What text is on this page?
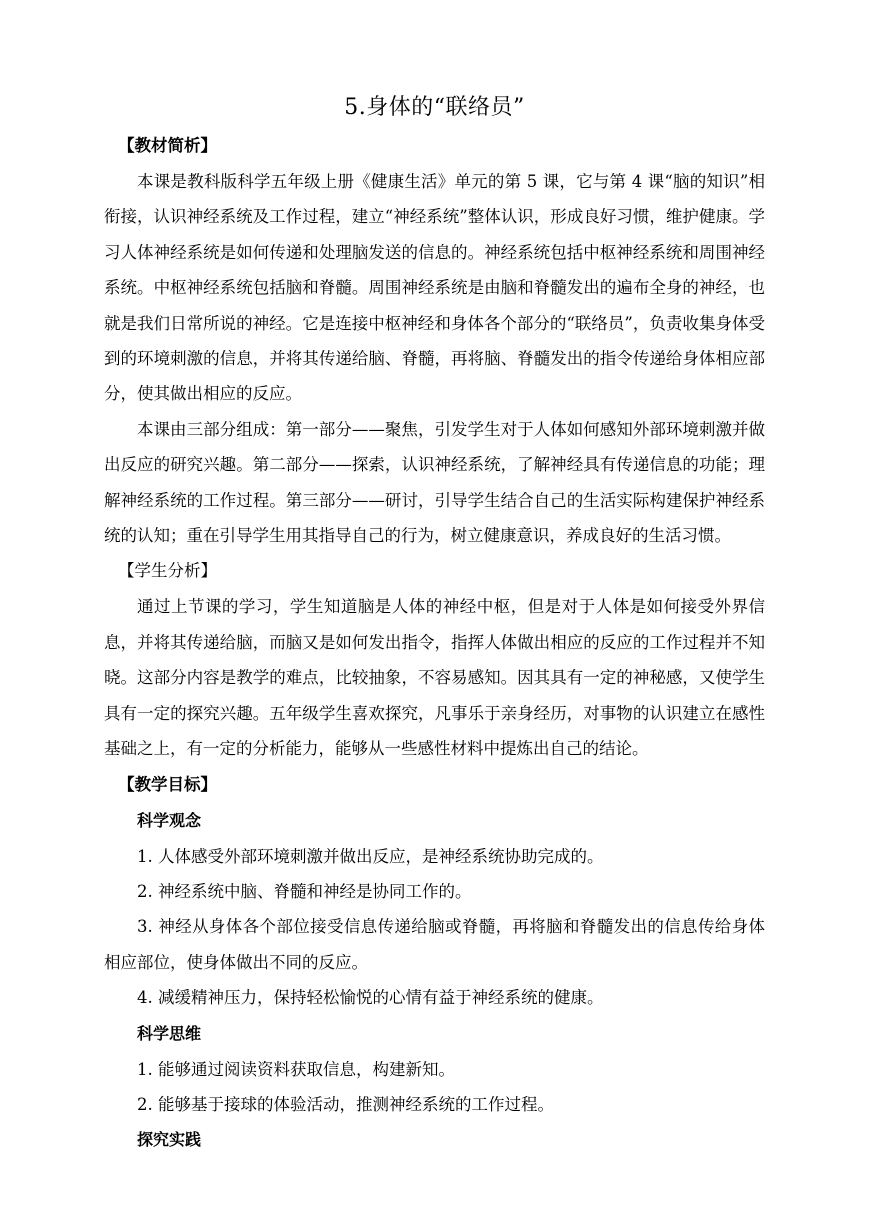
5.身体的“联络员”
【教材简析】

本课是教科版科学五年级上册《健康生活》单元的第 5 课，它与第 4 课“脑的知识”相衔接，认识神经系统及工作过程，建立“神经系统”整体认识，形成良好习惯，维护健康。学习人体神经系统是如何传递和处理脑发送的信息的。神经系统包括中枢神经系统和周围神经系统。中枢神经系统包括脑和脊髓。周围神经系统是由脑和脊髓发出的遍布全身的神经，也就是我们日常所说的神经。它是连接中枢神经和身体各个部分的“联络员”，负责收集身体受到的环境刺激的信息，并将其传递给脑、脊髓，再将脑、脊髓发出的指令传递给身体相应部分，使其做出相应的反应。

本课由三部分组成：第一部分——聚焦，引发学生对于人体如何感知外部环境刺激并做出反应的研究兴趣。第二部分——探索，认识神经系统，了解神经具有传递信息的功能；理解神经系统的工作过程。第三部分——研讨，引导学生结合自己的生活实际构建保护神经系统的认知；重在引导学生用其指导自己的行为，树立健康意识，养成良好的生活习惯。

【学生分析】

通过上节课的学习，学生知道脑是人体的神经中枢，但是对于人体是如何接受外界信息，并将其传递给脑，而脑又是如何发出指令，指挥人体做出相应的反应的工作过程并不知晓。这部分内容是教学的难点，比较抽象，不容易感知。因其具有一定的神秘感，又使学生具有一定的探究兴趣。五年级学生喜欢探究，凡事乐于亲身经历，对事物的认识建立在感性基础之上，有一定的分析能力，能够从一些感性材料中提炼出自己的结论。

【教学目标】
科学观念

1. 人体感受外部环境刺激并做出反应，是神经系统协助完成的。

2. 神经系统中脑、脊髓和神经是协同工作的。

3. 神经从身体各个部位接受信息传递给脑或脊髓，再将脑和脊髓发出的信息传给身体相应部位，使身体做出不同的反应。

4. 减缓精神压力，保持轻松愉悦的心情有益于神经系统的健康。

科学思维

1. 能够通过阅读资料获取信息，构建新知。

2. 能够基于接球的体验活动，推测神经系统的工作过程。

探究实践
